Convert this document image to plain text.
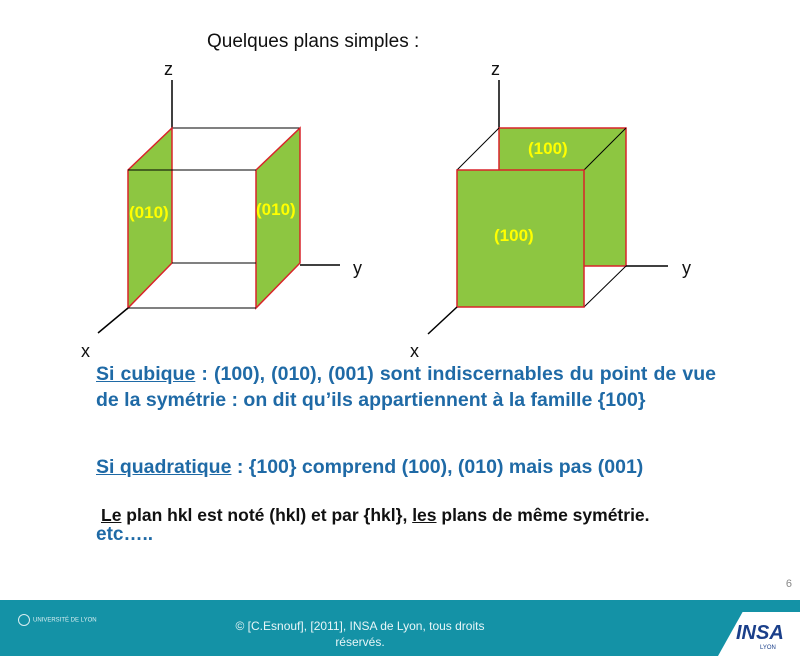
Quelques plans simples :
z
y
x
(010)	(010)
z
y
x
(100)
(100)
Si cubique : (100), (010), (001) sont indiscernables du point de vue de la symétrie : on dit qu’ils appartiennent à la famille {100}
Si quadratique : {100} comprend (100), (010) mais pas (001)
etc…..
Le plan hkl est noté (hkl) et par {hkl}, les plans de même symétrie.
6
UNIVERSITÉ DE LYON	© [C.Esnouf], [2011], INSA de Lyon, tous droits
réservés.	INSA
LYON
